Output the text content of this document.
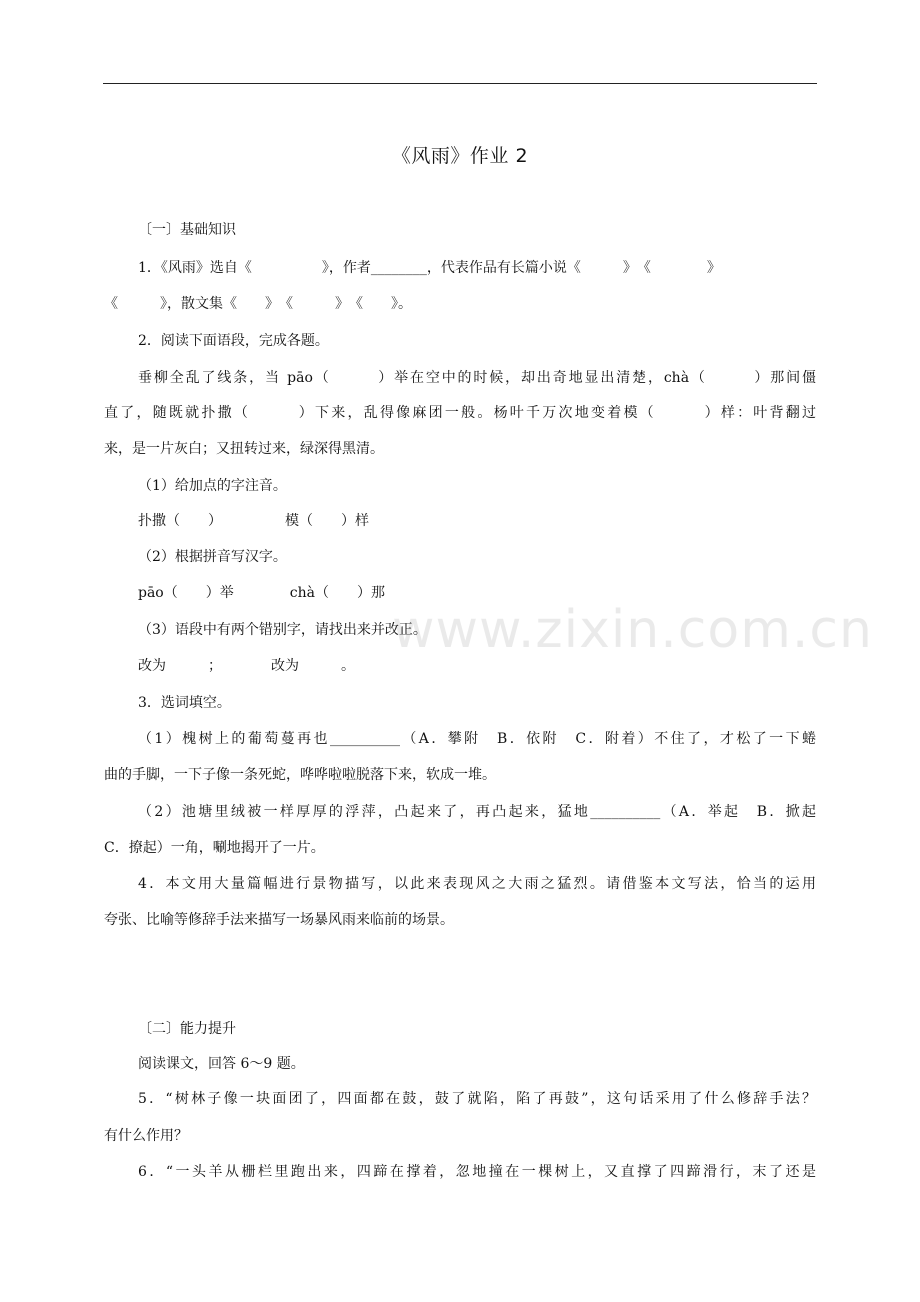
《风雨》作业 2
www.zixin.com.cn
〔一〕基础知识
1．《风雨》选自《　　　　　》，作者________，代表作品有长篇小说《　　　》　《　　　　》
《　　　》，散文集《　　》　《　　　》　《　　》。
2．阅读下面语段，完成各题。
垂柳全乱了线条，当 pāo（　　　）举在空中的时候，却出奇地显出清楚，chà（　　　）那间僵
直了，随既就扑撒（　　　）下来，乱得像麻团一般。杨叶千万次地变着模（　　　）样：叶背翻过
来，是一片灰白；又扭转过来，绿深得黑清。
（1）给加点的字注音。
扑撒（　　）　　　　　模（　　）样
（2）根据拼音写汉字。
pāo（　　）举　　　　chà（　　）那
（3）语段中有两个错别字，请找出来并改正。
改为　　　；　　　　改为　　　。
3．选词填空。
（1）槐树上的葡萄蔓再也__________（A．攀附　B．依附　C．附着）不住了，才松了一下蜷
曲的手脚，一下子像一条死蛇，哗哗啦啦脱落下来，软成一堆。
（2）池塘里绒被一样厚厚的浮萍，凸起来了，再凸起来，猛地__________（A．举起　B．掀起
C．撩起）一角，唰地揭开了一片。
4．本文用大量篇幅进行景物描写，以此来表现风之大雨之猛烈。请借鉴本文写法，恰当的运用
夸张、比喻等修辞手法来描写一场暴风雨来临前的场景。
〔二〕能力提升
阅读课文，回答 6～9 题。
5．“树林子像一块面团了，四面都在鼓，鼓了就陷，陷了再鼓”，这句话采用了什么修辞手法？
有什么作用？
6．“一头羊从栅栏里跑出来，四蹄在撑着，忽地撞在一棵树上，又直撑了四蹄滑行，末了还是
